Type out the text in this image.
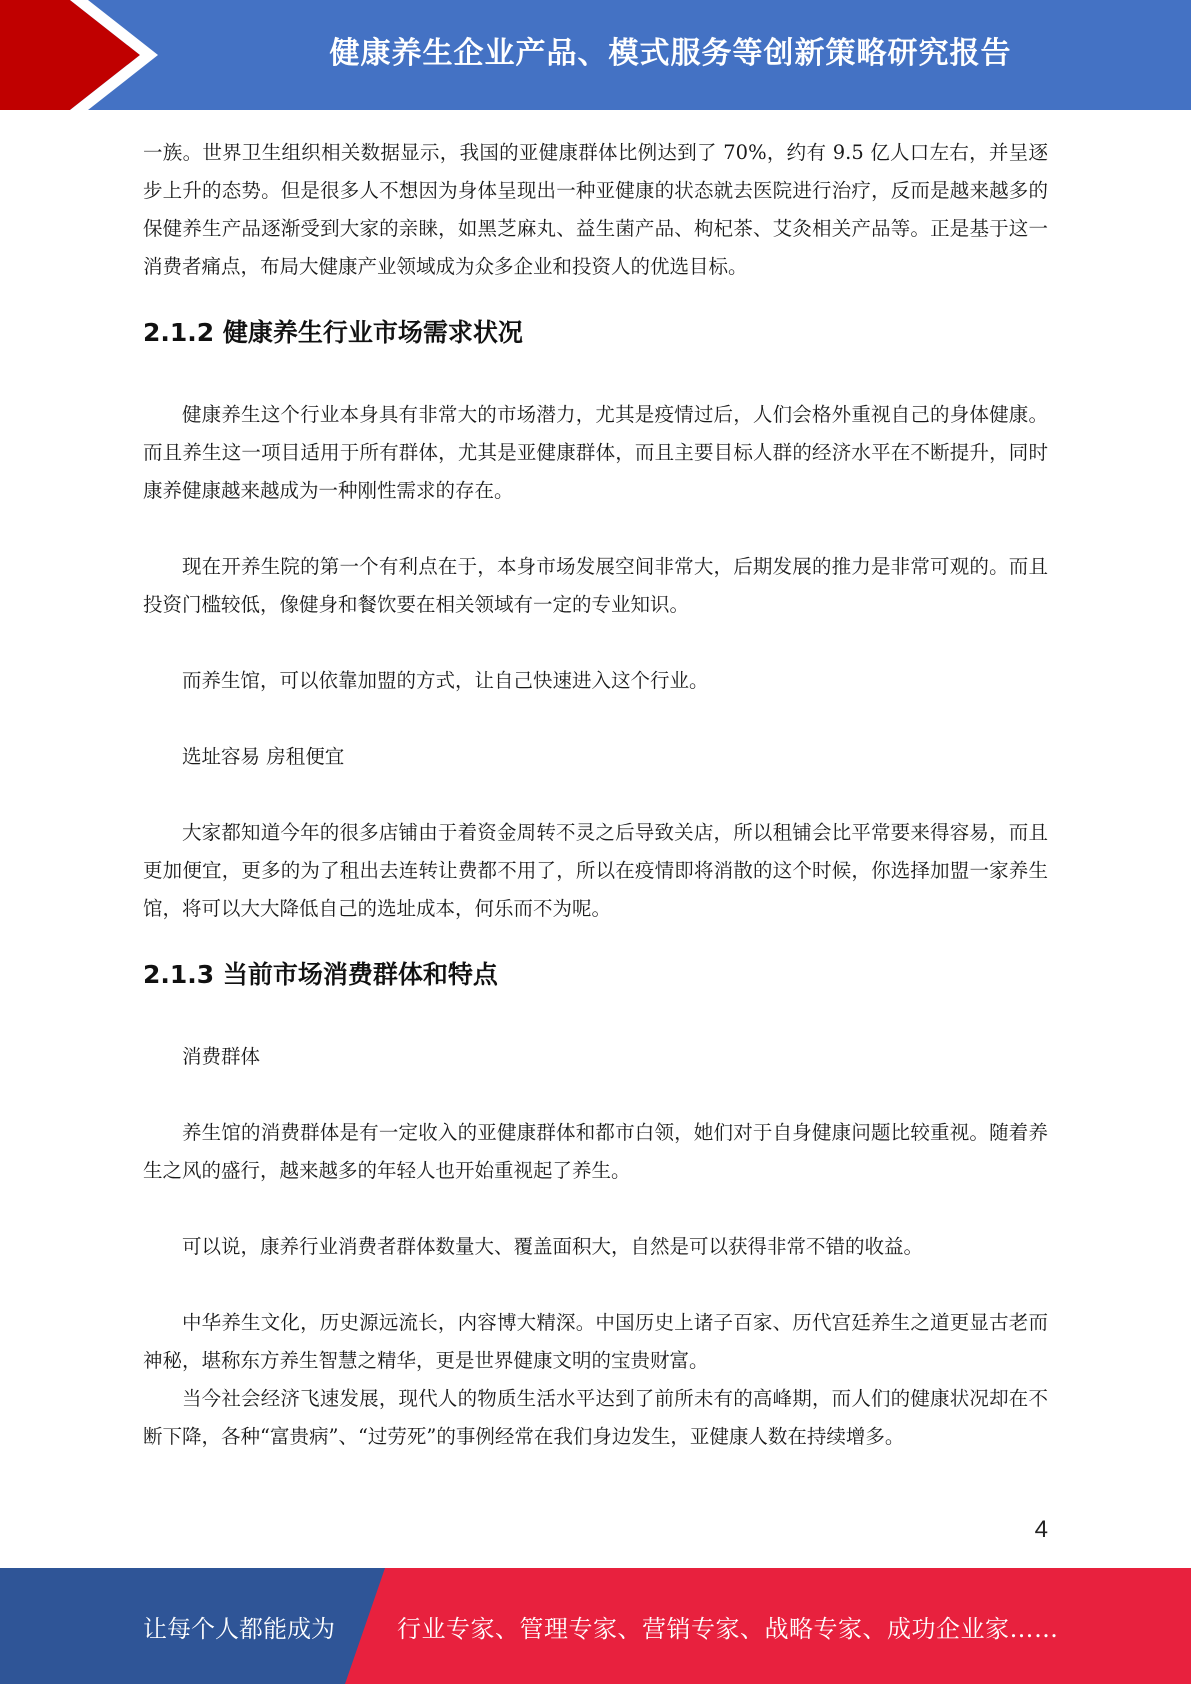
健康养生企业产品、模式服务等创新策略研究报告

一族。世界卫生组织相关数据显示，我国的亚健康群体比例达到了 70%，约有 9.5 亿人口左右，并呈逐步上升的态势。但是很多人不想因为身体呈现出一种亚健康的状态就去医院进行治疗，反而是越来越多的保健养生产品逐渐受到大家的亲睐，如黑芝麻丸、益生菌产品、枸杞茶、艾灸相关产品等。正是基于这一消费者痛点，布局大健康产业领域成为众多企业和投资人的优选目标。

2.1.2 健康养生行业市场需求状况

健康养生这个行业本身具有非常大的市场潜力，尤其是疫情过后，人们会格外重视自己的身体健康。而且养生这一项目适用于所有群体，尤其是亚健康群体，而且主要目标人群的经济水平在不断提升，同时康养健康越来越成为一种刚性需求的存在。

现在开养生院的第一个有利点在于，本身市场发展空间非常大，后期发展的推力是非常可观的。而且投资门槛较低，像健身和餐饮要在相关领域有一定的专业知识。

而养生馆，可以依靠加盟的方式，让自己快速进入这个行业。

选址容易 房租便宜

大家都知道今年的很多店铺由于着资金周转不灵之后导致关店，所以租铺会比平常要来得容易，而且更加便宜，更多的为了租出去连转让费都不用了，所以在疫情即将消散的这个时候，你选择加盟一家养生馆，将可以大大降低自己的选址成本，何乐而不为呢。

2.1.3 当前市场消费群体和特点

消费群体

养生馆的消费群体是有一定收入的亚健康群体和都市白领，她们对于自身健康问题比较重视。随着养生之风的盛行，越来越多的年轻人也开始重视起了养生。

可以说，康养行业消费者群体数量大、覆盖面积大，自然是可以获得非常不错的收益。

中华养生文化，历史源远流长，内容博大精深。中国历史上诸子百家、历代宫廷养生之道更显古老而神秘，堪称东方养生智慧之精华，更是世界健康文明的宝贵财富。

当今社会经济飞速发展，现代人的物质生活水平达到了前所未有的高峰期，而人们的健康状况却在不断下降，各种“富贵病”、“过劳死”的事例经常在我们身边发生，亚健康人数在持续增多。

4
让每个人都能成为	行业专家、管理专家、营销专家、战略专家、成功企业家……
